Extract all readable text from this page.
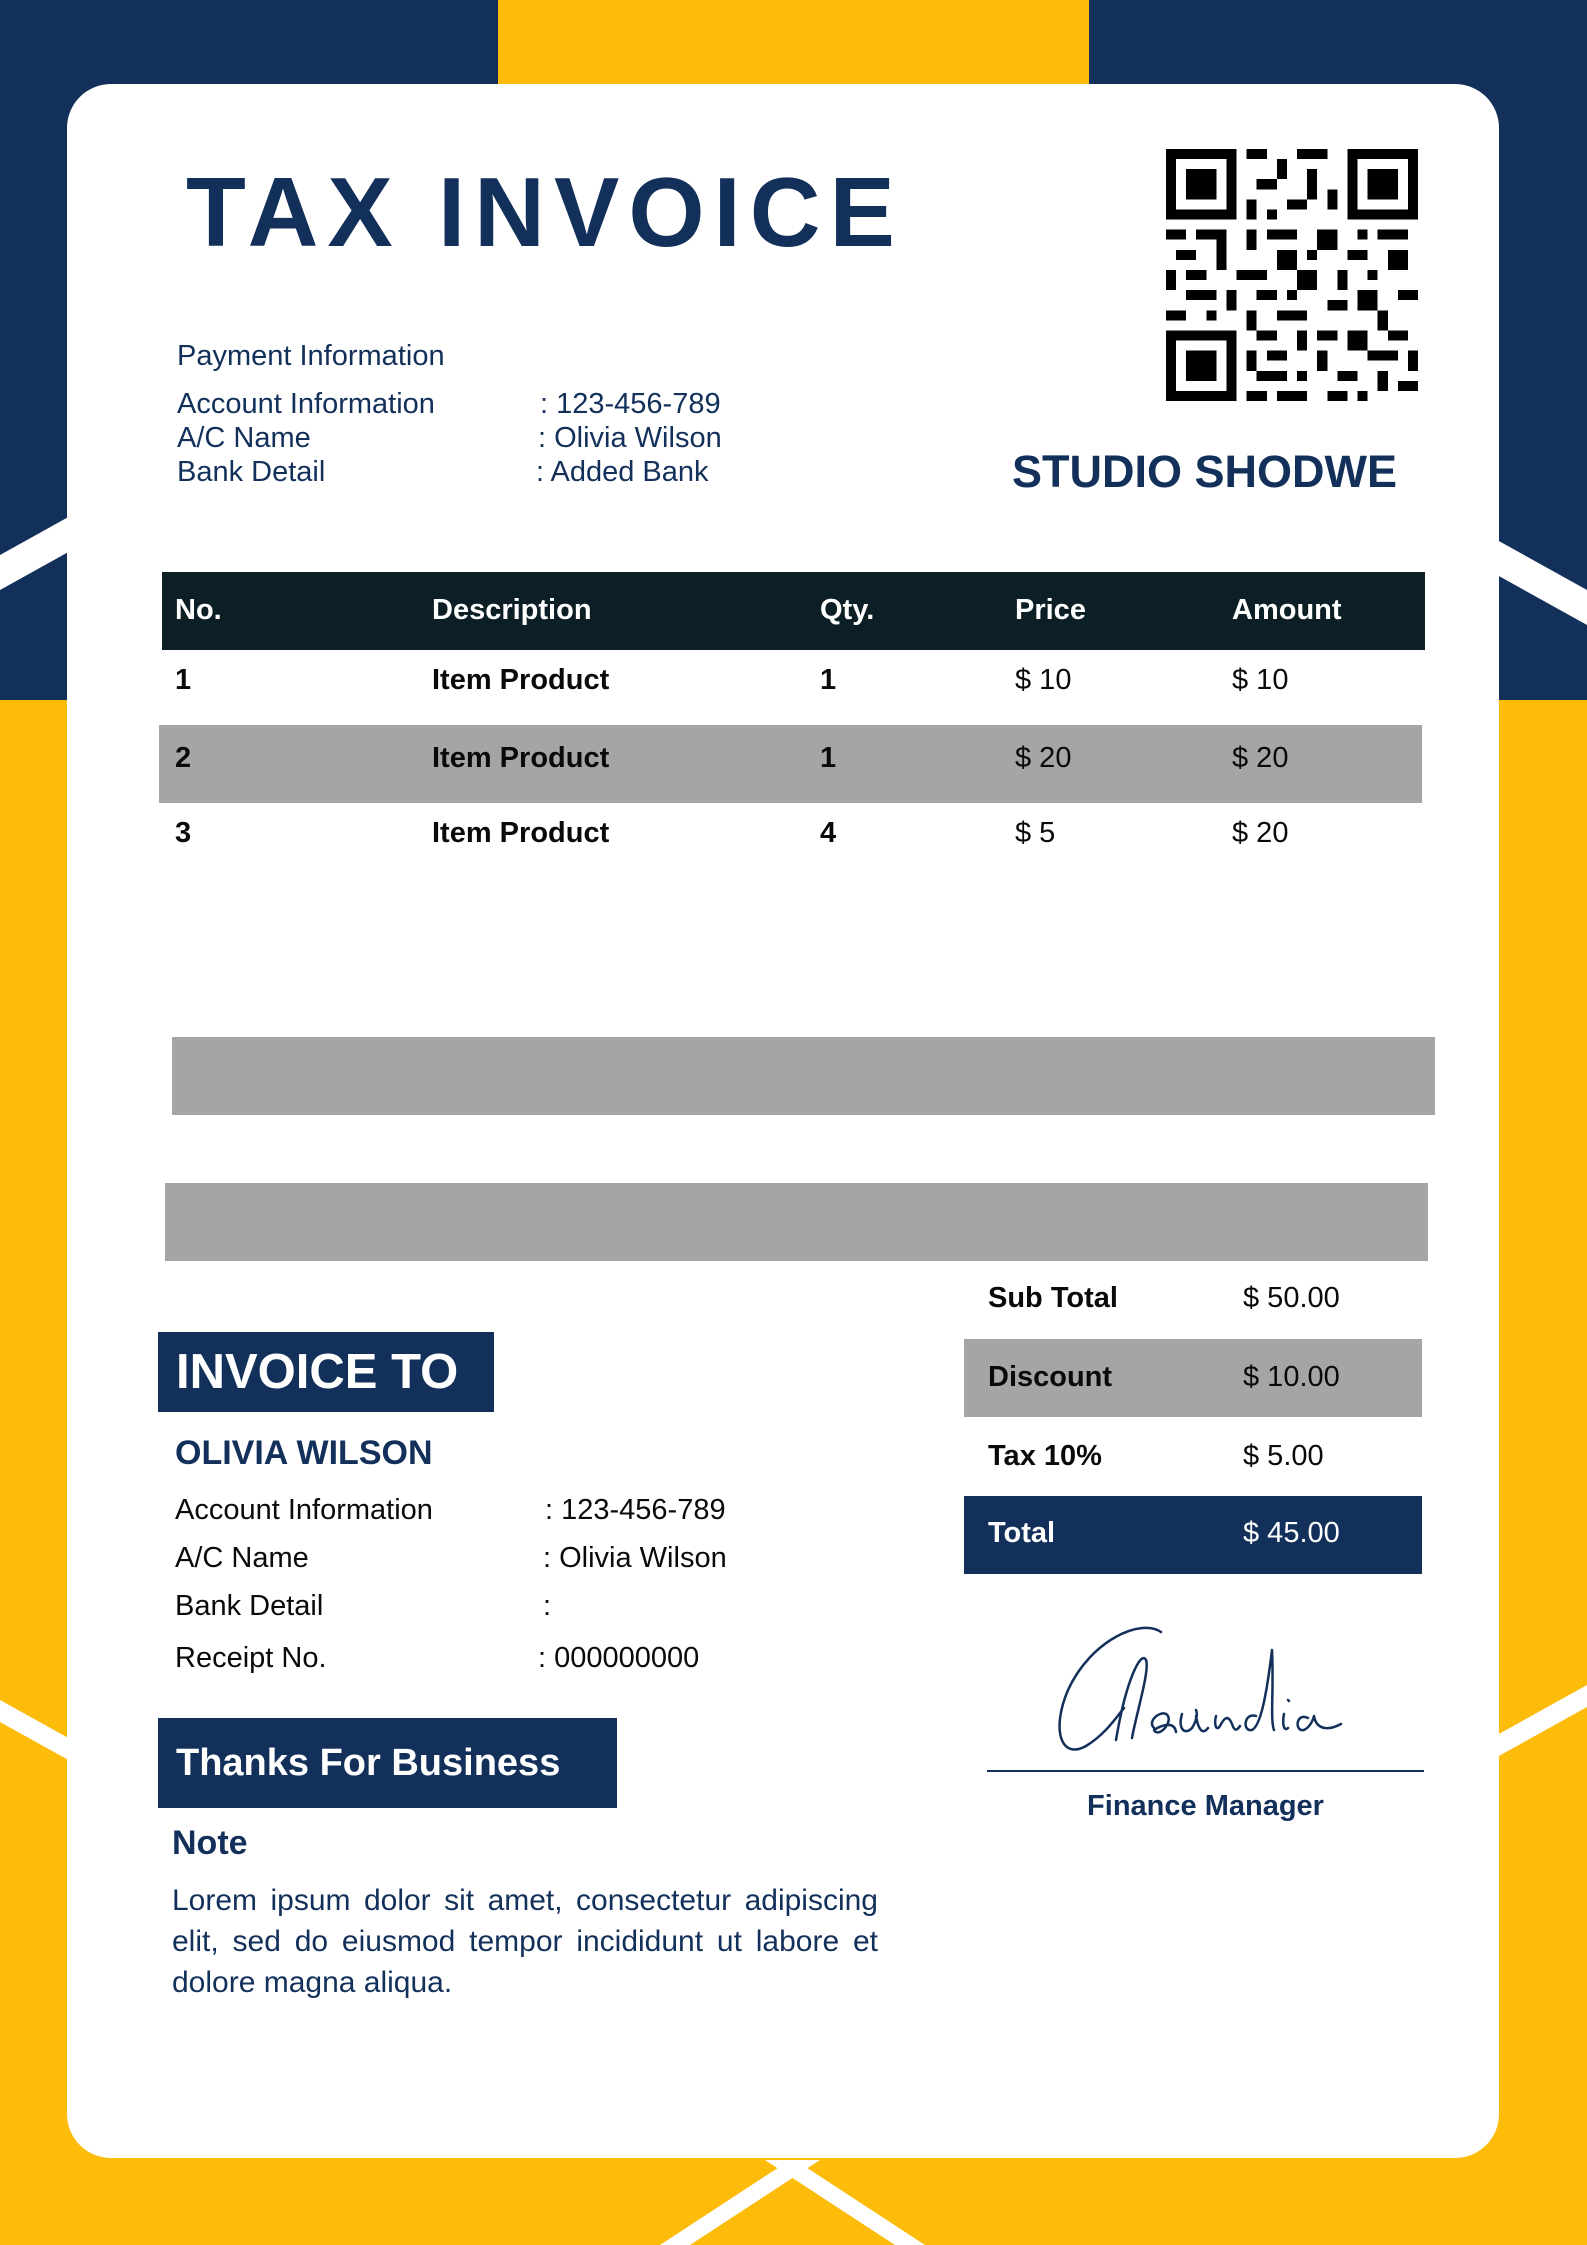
TAX INVOICE
Payment Information
Account Information	: 123-456-789
A/C Name	: Olivia Wilson
Bank Detail	: Added Bank	STUDIO SHODWE
No.	Description	Qty.	Price	Amount
1	Item Product	1	$ 10	$ 10
2	Item Product	1	$ 20	$ 20
3	Item Product	4	$ 5	$ 20
Sub Total	$ 50.00
Discount	$ 10.00
Tax 10%	$ 5.00
Total	$ 45.00
INVOICE TO
OLIVIA WILSON
Account Information	: 123-456-789
A/C Name	: Olivia Wilson
Bank Detail	:
Receipt No.	: 000000000
Thanks For Business
Note
Lorem ipsum dolor sit amet, consectetur adipiscing elit, sed do eiusmod tempor incididunt ut labore et dolore magna aliqua.
Finance Manager
